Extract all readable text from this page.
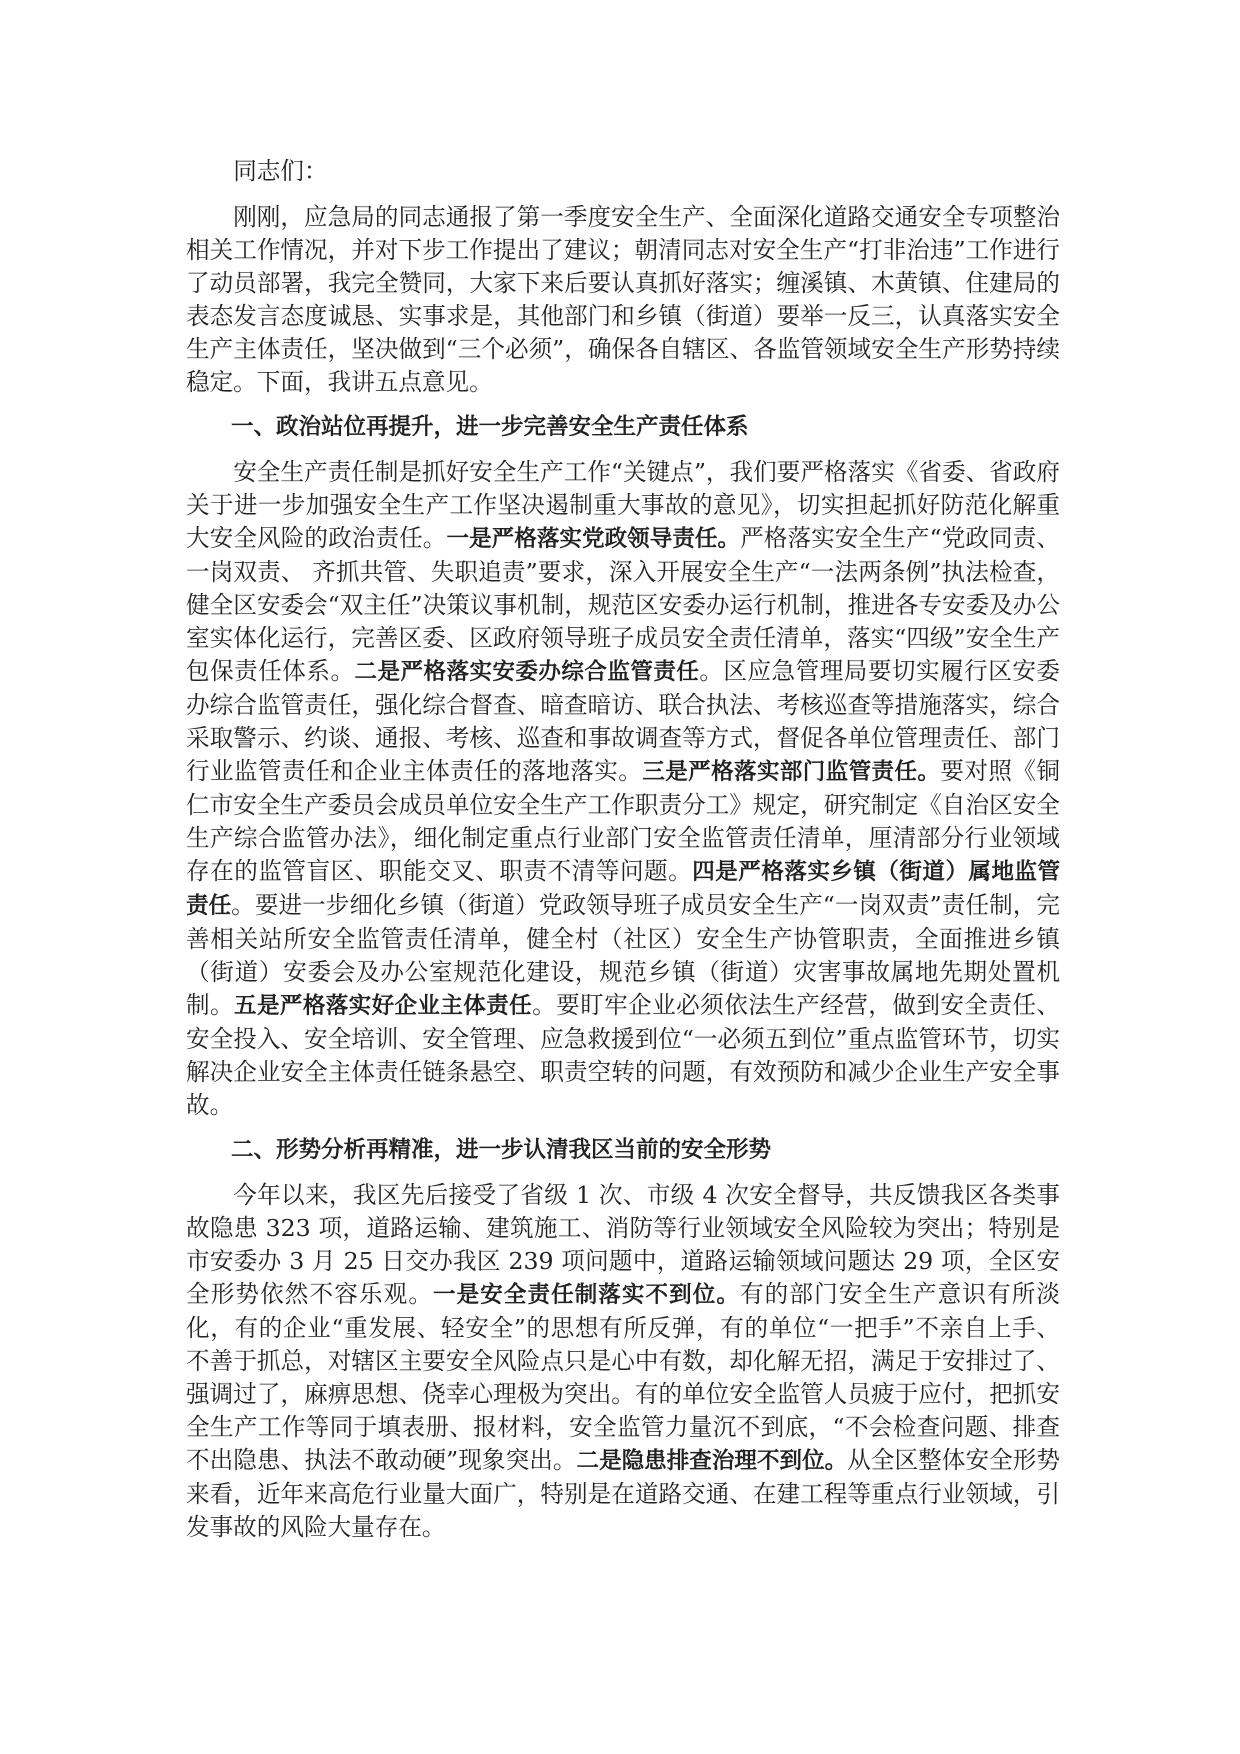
同志们：

刚刚，应急局的同志通报了第一季度安全生产、全面深化道路交通安全专项整治相关工作情况，并对下步工作提出了建议；朝清同志对安全生产“打非治违”工作进行了动员部署，我完全赞同，大家下来后要认真抓好落实；缠溪镇、木黄镇、住建局的表态发言态度诚恳、实事求是，其他部门和乡镇（街道）要举一反三，认真落实安全生产主体责任，坚决做到“三个必须”，确保各自辖区、各监管领域安全生产形势持续稳定。下面，我讲五点意见。

一、政治站位再提升，进一步完善安全生产责任体系

安全生产责任制是抓好安全生产工作“关键点”，我们要严格落实《省委、省政府关于进一步加强安全生产工作坚决遏制重大事故的意见》，切实担起抓好防范化解重大安全风险的政治责任。一是严格落实党政领导责任。严格落实安全生产“党政同责、一岗双责、 齐抓共管、失职追责”要求，深入开展安全生产“一法两条例”执法检查，健全区安委会“双主任”决策议事机制，规范区安委办运行机制，推进各专安委及办公室实体化运行，完善区委、区政府领导班子成员安全责任清单，落实“四级”安全生产包保责任体系。二是严格落实安委办综合监管责任。区应急管理局要切实履行区安委办综合监管责任，强化综合督查、暗查暗访、联合执法、考核巡查等措施落实，综合采取警示、约谈、通报、考核、巡查和事故调查等方式，督促各单位管理责任、部门行业监管责任和企业主体责任的落地落实。三是严格落实部门监管责任。要对照《铜仁市安全生产委员会成员单位安全生产工作职责分工》规定，研究制定《自治区安全生产综合监管办法》，细化制定重点行业部门安全监管责任清单，厘清部分行业领域存在的监管盲区、职能交叉、职责不清等问题。四是严格落实乡镇（街道）属地监管责任。要进一步细化乡镇（街道）党政领导班子成员安全生产“一岗双责”责任制，完善相关站所安全监管责任清单，健全村（社区）安全生产协管职责，全面推进乡镇（街道）安委会及办公室规范化建设，规范乡镇（街道）灾害事故属地先期处置机制。五是严格落实好企业主体责任。要盯牢企业必须依法生产经营，做到安全责任、安全投入、安全培训、安全管理、应急救援到位“一必须五到位”重点监管环节，切实解决企业安全主体责任链条悬空、职责空转的问题，有效预防和减少企业生产安全事故。

二、形势分析再精准，进一步认清我区当前的安全形势

今年以来，我区先后接受了省级 1 次、市级 4 次安全督导，共反馈我区各类事故隐患 323 项，道路运输、建筑施工、消防等行业领域安全风险较为突出；特别是市安委办 3 月 25 日交办我区 239 项问题中，道路运输领域问题达 29 项，全区安全形势依然不容乐观。一是安全责任制落实不到位。有的部门安全生产意识有所淡化，有的企业“重发展、轻安全”的思想有所反弹，有的单位“一把手”不亲自上手、不善于抓总，对辖区主要安全风险点只是心中有数，却化解无招，满足于安排过了、强调过了，麻痹思想、侥幸心理极为突出。有的单位安全监管人员疲于应付，把抓安全生产工作等同于填表册、报材料，安全监管力量沉不到底，“不会检查问题、排查不出隐患、执法不敢动硬”现象突出。二是隐患排查治理不到位。从全区整体安全形势来看，近年来高危行业量大面广，特别是在道路交通、在建工程等重点行业领域，引发事故的风险大量存在。
